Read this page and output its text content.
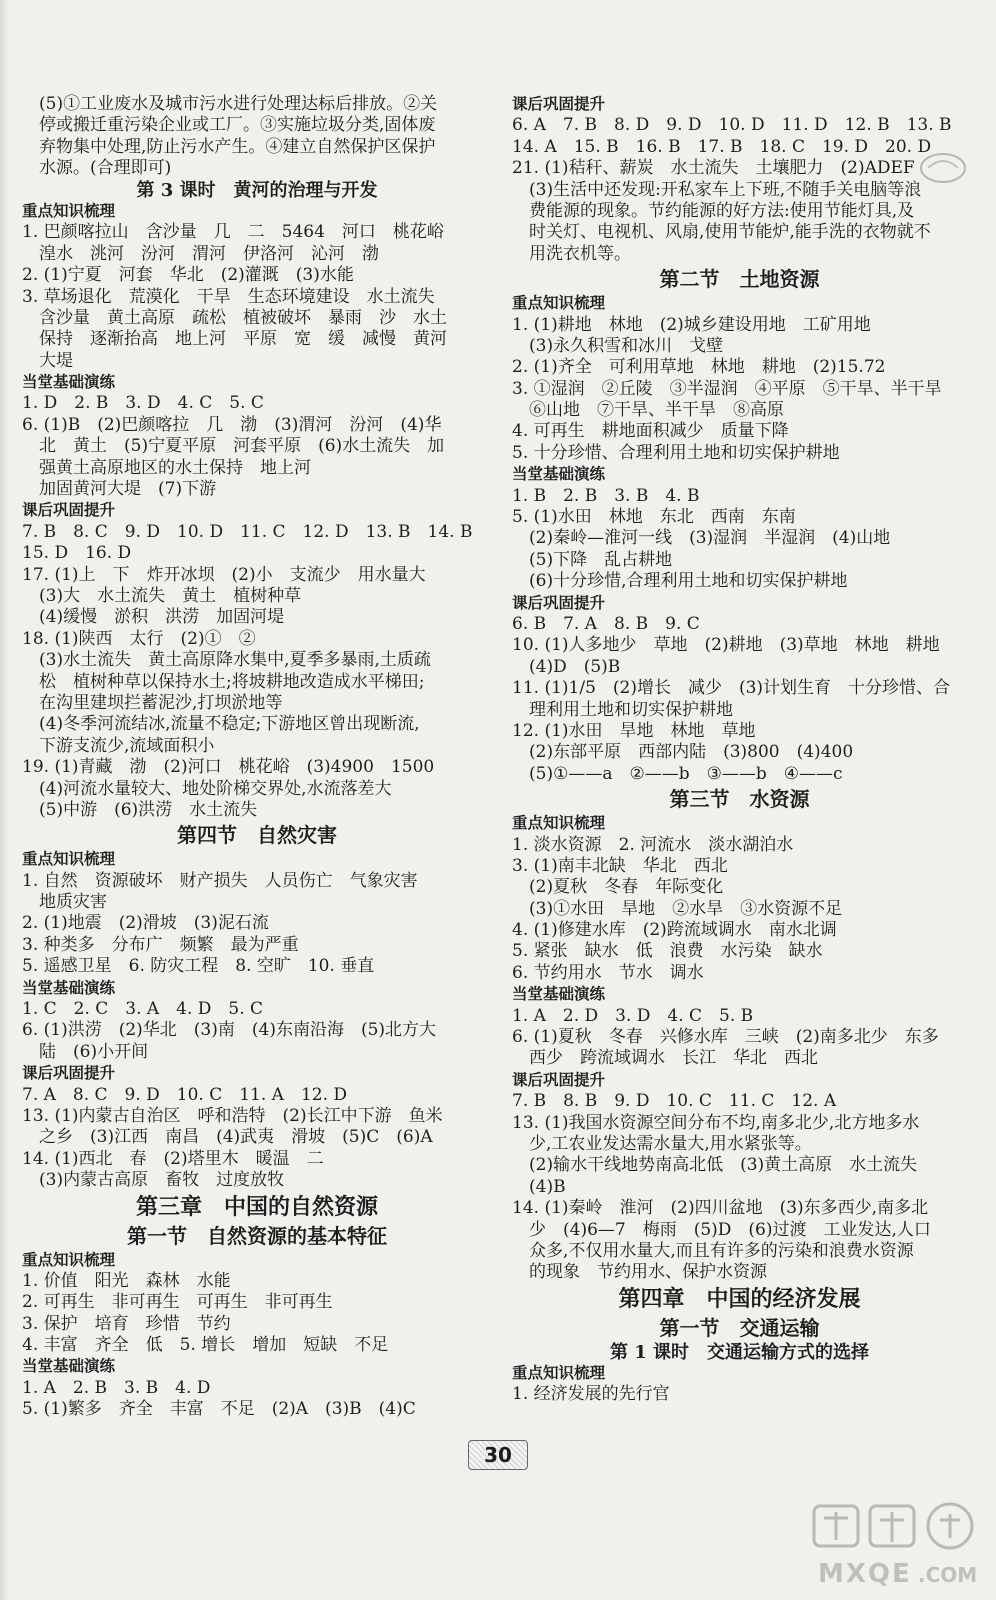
(5)①工业废水及城市污水进行处理达标后排放。②关
停或搬迁重污染企业或工厂。③实施垃圾分类,固体废
弃物集中处理,防止污水产生。④建立自然保护区保护
水源。(合理即可)
第 3 课时　黄河的治理与开发
重点知识梳理
1. 巴颜喀拉山　含沙量　几　二　5464　河口　桃花峪
湟水　洮河　汾河　渭河　伊洛河　沁河　渤
2. (1)宁夏　河套　华北　(2)灌溉　(3)水能
3. 草场退化　荒漠化　干旱　生态环境建设　水土流失
含沙量　黄土高原　疏松　植被破坏　暴雨　沙　水土
保持　逐渐抬高　地上河　平原　宽　缓　减慢　黄河
大堤
当堂基础演练
1. D　2. B　3. D　4. C　5. C
6. (1)B　(2)巴颜喀拉　几　渤　(3)渭河　汾河　(4)华
北　黄土　(5)宁夏平原　河套平原　(6)水土流失　加
强黄土高原地区的水土保持　地上河
加固黄河大堤　(7)下游
课后巩固提升
7. B　8. C　9. D　10. D　11. C　12. D　13. B　14. B
15. D　16. D
17. (1)上　下　炸开冰坝　(2)小　支流少　用水量大
(3)大　水土流失　黄土　植树种草
(4)缓慢　淤积　洪涝　加固河堤
18. (1)陕西　太行　(2)①　②
(3)水土流失　黄土高原降水集中,夏季多暴雨,土质疏
松　植树种草以保持水土;将坡耕地改造成水平梯田;
在沟里建坝拦蓄泥沙,打坝淤地等
(4)冬季河流结冰,流量不稳定;下游地区曾出现断流,
下游支流少,流域面积小
19. (1)青藏　渤　(2)河口　桃花峪　(3)4900　1500
(4)河流水量较大、地处阶梯交界处,水流落差大
(5)中游　(6)洪涝　水土流失
第四节　自然灾害
重点知识梳理
1. 自然　资源破坏　财产损失　人员伤亡　气象灾害
地质灾害
2. (1)地震　(2)滑坡　(3)泥石流
3. 种类多　分布广　频繁　最为严重
5. 遥感卫星　6. 防灾工程　8. 空旷　10. 垂直
当堂基础演练
1. C　2. C　3. A　4. D　5. C
6. (1)洪涝　(2)华北　(3)南　(4)东南沿海　(5)北方大
陆　(6)小开间
课后巩固提升
7. A　8. C　9. D　10. C　11. A　12. D
13. (1)内蒙古自治区　呼和浩特　(2)长江中下游　鱼米
之乡　(3)江西　南昌　(4)武夷　滑坡　(5)C　(6)A
14. (1)西北　春　(2)塔里木　暖温　二
(3)内蒙古高原　畜牧　过度放牧
第三章　中国的自然资源
第一节　自然资源的基本特征
重点知识梳理
1. 价值　阳光　森林　水能
2. 可再生　非可再生　可再生　非可再生
3. 保护　培育　珍惜　节约
4. 丰富　齐全　低　5. 增长　增加　短缺　不足
当堂基础演练
1. A　2. B　3. B　4. D
5. (1)繁多　齐全　丰富　不足　(2)A　(3)B　(4)C
课后巩固提升
6. A　7. B　8. D　9. D　10. D　11. D　12. B　13. B
14. A　15. B　16. B　17. B　18. C　19. D　20. D
21. (1)秸秆、薪炭　水土流失　土壤肥力　(2)ADEF
(3)生活中还发现:开私家车上下班,不随手关电脑等浪
费能源的现象。节约能源的好方法:使用节能灯具,及
时关灯、电视机、风扇,使用节能炉,能手洗的衣物就不
用洗衣机等。
第二节　土地资源
重点知识梳理
1. (1)耕地　林地　(2)城乡建设用地　工矿用地
(3)永久积雪和冰川　戈壁
2. (1)齐全　可利用草地　林地　耕地　(2)15.72
3. ①湿润　②丘陵　③半湿润　④平原　⑤干旱、半干旱
⑥山地　⑦干旱、半干旱　⑧高原
4. 可再生　耕地面积减少　质量下降
5. 十分珍惜、合理利用土地和切实保护耕地
当堂基础演练
1. B　2. B　3. B　4. B
5. (1)水田　林地　东北　西南　东南
(2)秦岭—淮河一线　(3)湿润　半湿润　(4)山地
(5)下降　乱占耕地
(6)十分珍惜,合理利用土地和切实保护耕地
课后巩固提升
6. B　7. A　8. B　9. C
10. (1)人多地少　草地　(2)耕地　(3)草地　林地　耕地
(4)D　(5)B
11. (1)1/5　(2)增长　减少　(3)计划生育　十分珍惜、合
理利用土地和切实保护耕地
12. (1)水田　旱地　林地　草地
(2)东部平原　西部内陆　(3)800　(4)400
(5)①——a　②——b　③——b　④——c
第三节　水资源
重点知识梳理
1. 淡水资源　2. 河流水　淡水湖泊水
3. (1)南丰北缺　华北　西北
(2)夏秋　冬春　年际变化
(3)①水田　旱地　②水旱　③水资源不足
4. (1)修建水库　(2)跨流域调水　南水北调
5. 紧张　缺水　低　浪费　水污染　缺水
6. 节约用水　节水　调水
当堂基础演练
1. A　2. D　3. D　4. C　5. B
6. (1)夏秋　冬春　兴修水库　三峡　(2)南多北少　东多
西少　跨流域调水　长江　华北　西北
课后巩固提升
7. B　8. B　9. D　10. C　11. C　12. A
13. (1)我国水资源空间分布不均,南多北少,北方地多水
少,工农业发达需水量大,用水紧张等。
(2)输水干线地势南高北低　(3)黄土高原　水土流失
(4)B
14. (1)秦岭　淮河　(2)四川盆地　(3)东多西少,南多北
少　(4)6—7　梅雨　(5)D　(6)过渡　工业发达,人口
众多,不仅用水量大,而且有许多的污染和浪费水资源
的现象　节约用水、保护水资源
第四章　中国的经济发展
第一节　交通运输
第 1 课时　交通运输方式的选择
重点知识梳理
1. 经济发展的先行官
30
MXQE .COM
